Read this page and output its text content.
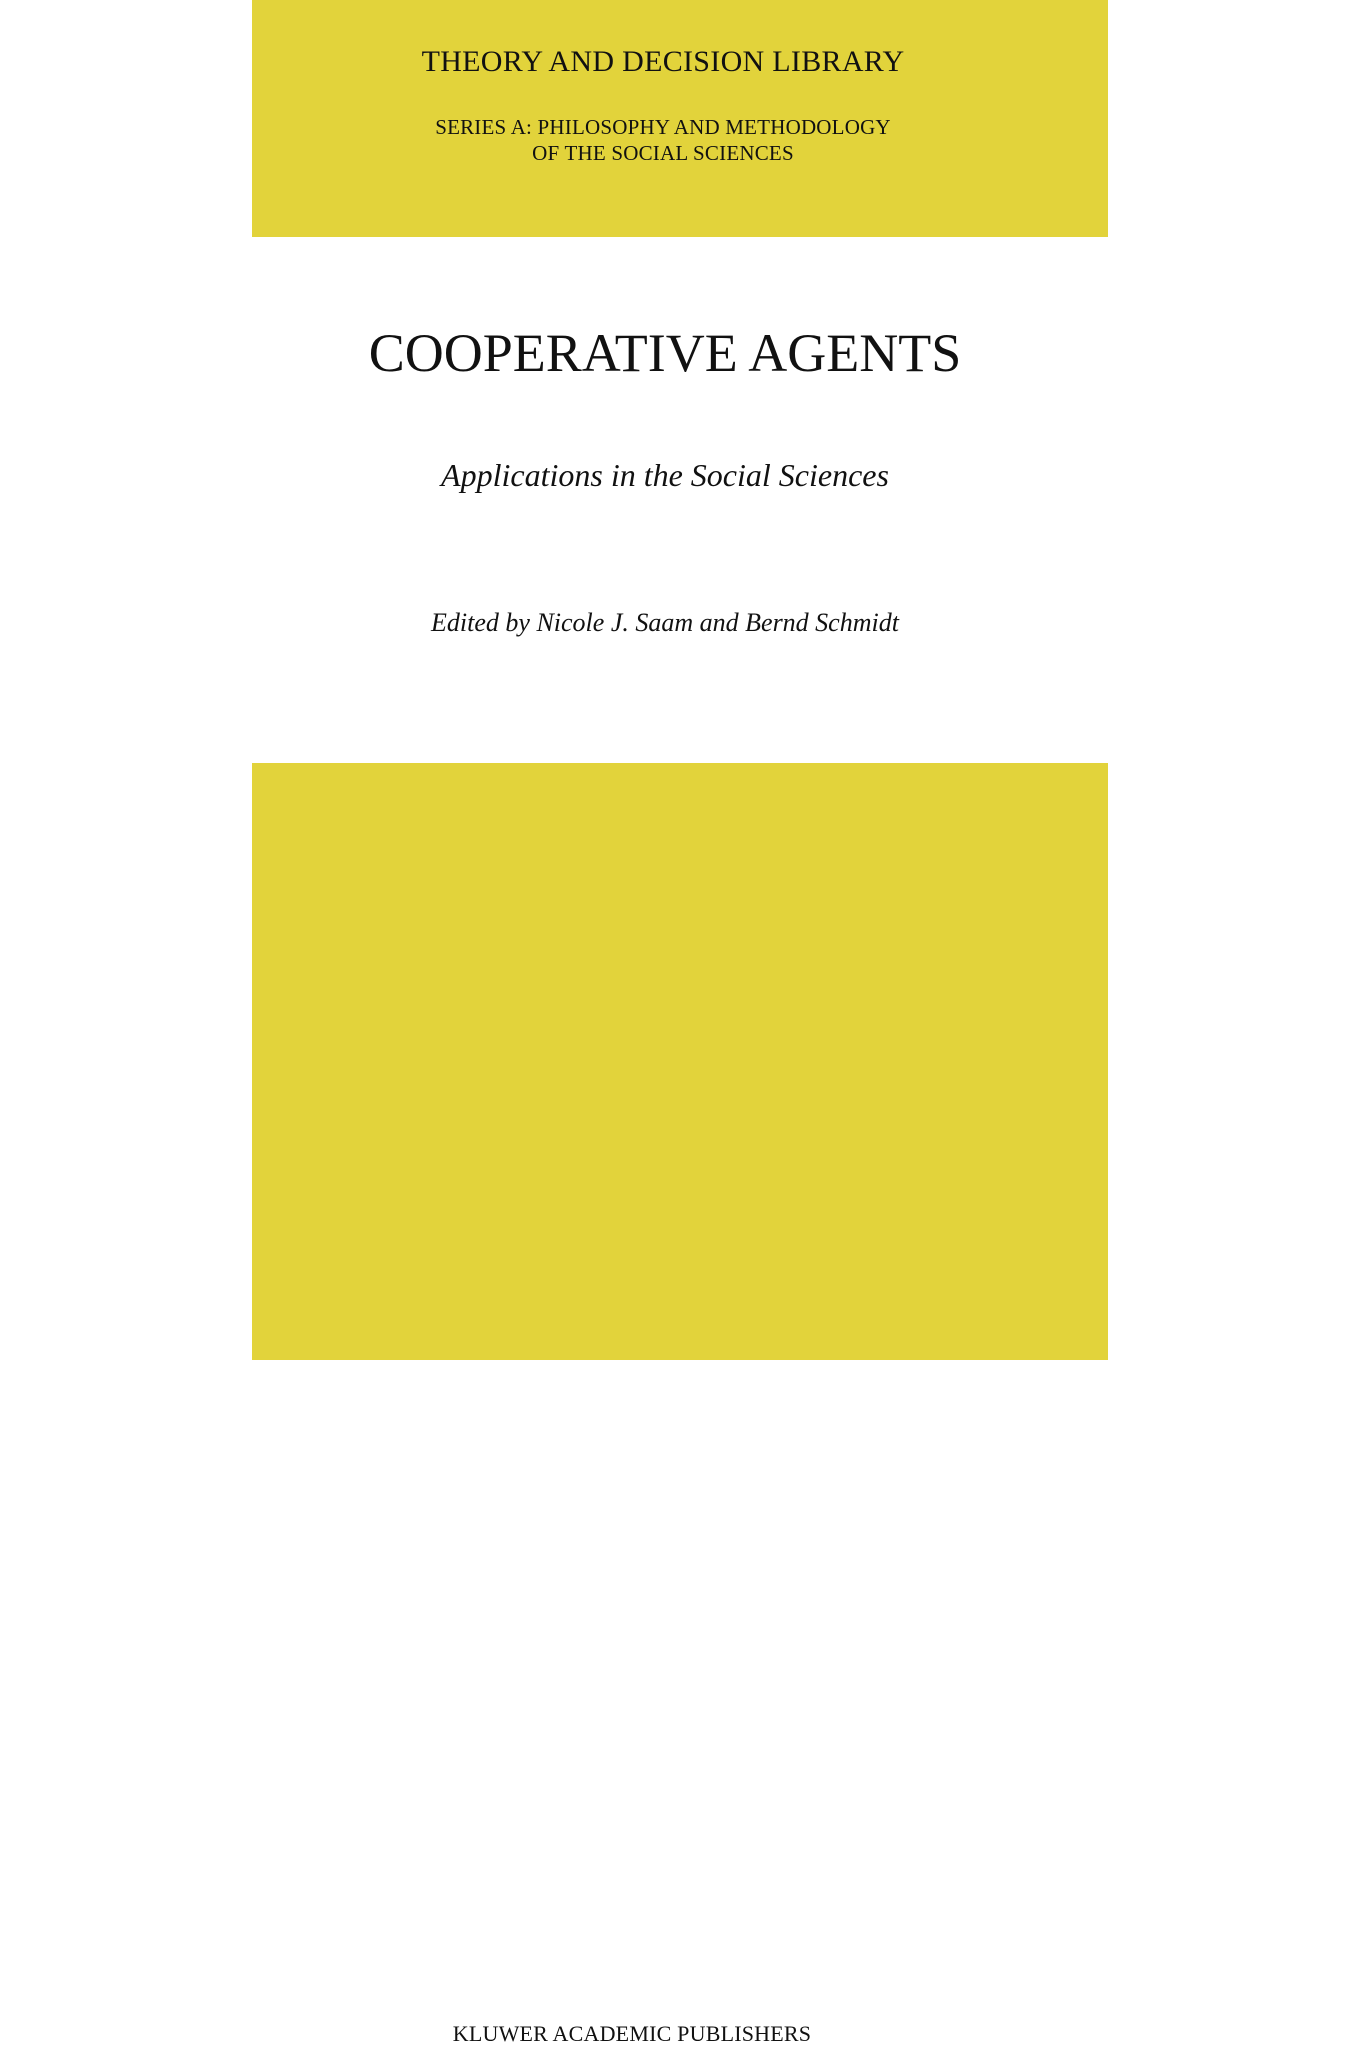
THEORY AND DECISION LIBRARY
SERIES A: PHILOSOPHY AND METHODOLOGY
OF THE SOCIAL SCIENCES
COOPERATIVE AGENTS
Applications in the Social Sciences
Edited by Nicole J. Saam and Bernd Schmidt
KLUWER ACADEMIC PUBLISHERS
